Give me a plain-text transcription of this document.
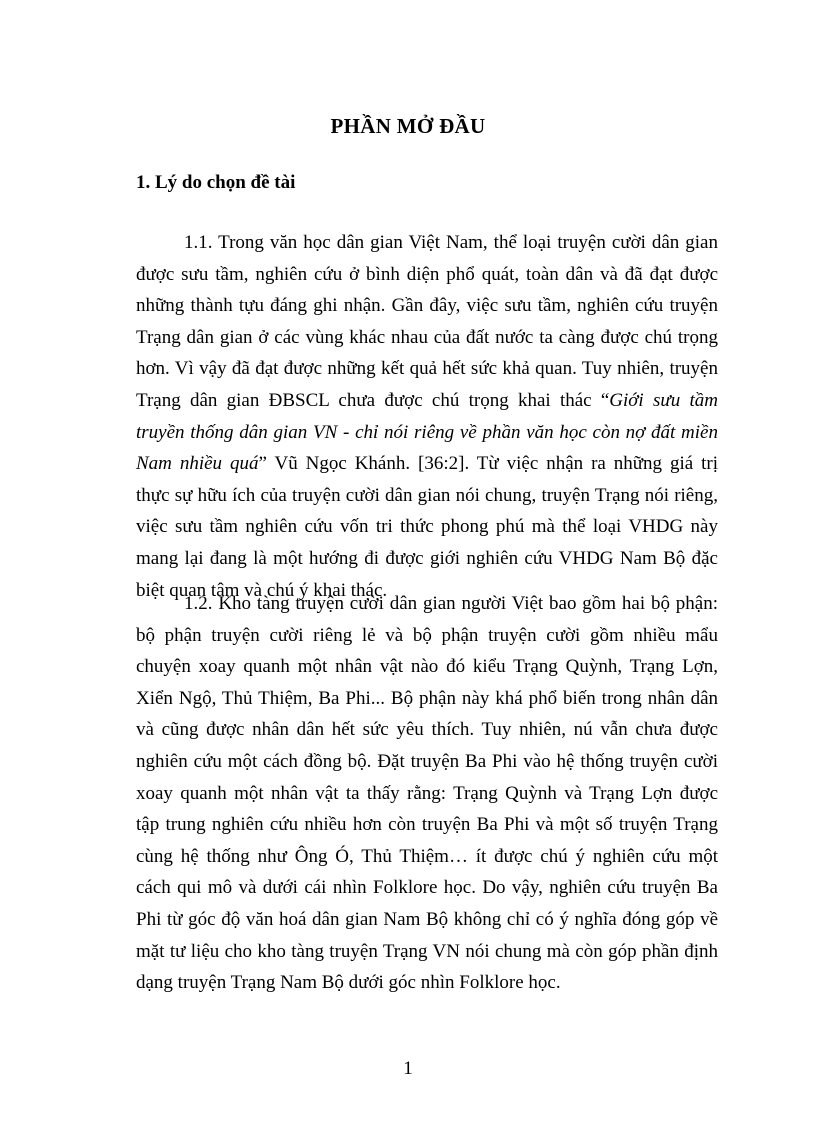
PHẦN MỞ ĐẦU
1. Lý do chọn đề tài
1.1. Trong văn học dân gian Việt Nam, thể loại truyện cười dân gian
được sưu tầm, nghiên cứu ở bình diện phổ quát, toàn dân và đã đạt được
những thành tựu đáng ghi nhận. Gần đây, việc sưu tầm, nghiên cứu truyện
Trạng dân gian ở các vùng khác nhau của đất nước ta càng được chú trọng
hơn. Vì vậy đã đạt được những kết quả hết sức khả quan. Tuy nhiên, truyện
Trạng dân gian ĐBSCL chưa được chú trọng khai thác “Giới sưu tầm
truyền thống dân gian VN - chỉ nói riêng về phần văn học còn nợ đất miền
Nam nhiều quá” Vũ Ngọc Khánh. [36:2]. Từ việc nhận ra những giá trị
thực sự hữu ích của truyện cười dân gian nói chung, truyện Trạng nói riêng,
việc sưu tầm nghiên cứu vốn tri thức phong phú mà thể loại VHDG này
mang lại đang là một hướng đi được giới nghiên cứu VHDG Nam Bộ đặc
biệt quan tâm và chú ý khai thác.
1.2. Kho tàng truyện cười dân gian người Việt bao gồm hai bộ phận:
bộ phận truyện cười riêng lẻ và bộ phận truyện cười gồm nhiều mẩu
chuyện xoay quanh một nhân vật nào đó kiểu Trạng Quỳnh, Trạng Lợn,
Xiển Ngộ, Thủ Thiệm, Ba Phi... Bộ phận này khá phổ biến trong nhân dân
và cũng được nhân dân hết sức yêu thích. Tuy nhiên, nú vẫn chưa được
nghiên cứu một cách đồng bộ. Đặt truyện Ba Phi vào hệ thống truyện cười
xoay quanh một nhân vật ta thấy rằng: Trạng Quỳnh và Trạng Lợn được
tập trung nghiên cứu nhiều hơn còn truyện Ba Phi và một số truyện Trạng
cùng hệ thống như Ông Ó, Thủ Thiệm… ít được chú ý nghiên cứu một
cách qui mô và dưới cái nhìn Folklore học. Do vậy, nghiên cứu truyện Ba
Phi từ góc độ văn hoá dân gian Nam Bộ không chỉ có ý nghĩa đóng góp về
mặt tư liệu cho kho tàng truyện Trạng VN nói chung mà còn góp phần định
dạng truyện Trạng Nam Bộ dưới góc nhìn Folklore học.
1
